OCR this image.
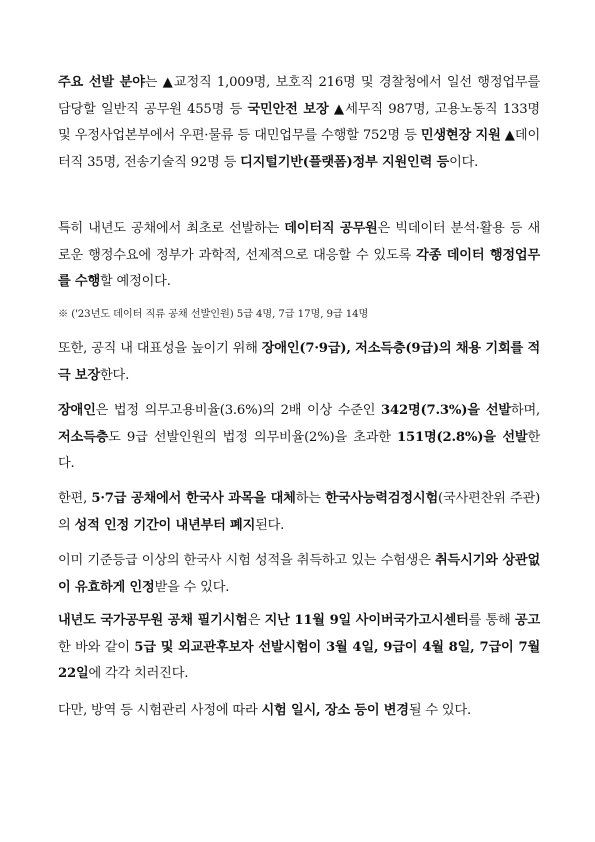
주요 선발 분야는 ▲교정직 1,009명, 보호직 216명 및 경찰청에서 일선 행정업무를 담당할 일반직 공무원 455명 등 국민안전 보장 ▲세무직 987명, 고용노동직 133명 및 우정사업본부에서 우편·물류 등 대민업무를 수행할 752명 등 민생현장 지원 ▲데이터직 35명, 전송기술직 92명 등 디지털기반(플랫폼)정부 지원인력 등이다.

특히 내년도 공채에서 최초로 선발하는 데이터직 공무원은 빅데이터 분석·활용 등 새로운 행정수요에 정부가 과학적, 선제적으로 대응할 수 있도록 각종 데이터 행정업무를 수행할 예정이다.

또한, 공직 내 대표성을 높이기 위해 장애인(7·9급), 저소득층(9급)의 채용 기회를 적극 보장한다.

장애인은 법정 의무고용비율(3.6%)의 2배 이상 수준인 342명(7.3%)을 선발하며, 저소득층도 9급 선발인원의 법정 의무비율(2%)을 초과한 151명(2.8%)을 선발한다.

한편, 5·7급 공채에서 한국사 과목을 대체하는 한국사능력검정시험(국사편찬위 주관)의 성적 인정 기간이 내년부터 폐지된다.

이미 기준등급 이상의 한국사 시험 성적을 취득하고 있는 수험생은 취득시기와 상관없이 유효하게 인정받을 수 있다.

내년도 국가공무원 공채 필기시험은 지난 11월 9일 사이버국가고시센터를 통해 공고한 바와 같이 5급 및 외교관후보자 선발시험이 3월 4일, 9급이 4월 8일, 7급이 7월 22일에 각각 치러진다.

다만, 방역 등 시험관리 사정에 따라 시험 일시, 장소 등이 변경될 수 있다.

※ ('23년도 데이터 직류 공채 선발인원) 5급 4명, 7급 17명, 9급 14명
